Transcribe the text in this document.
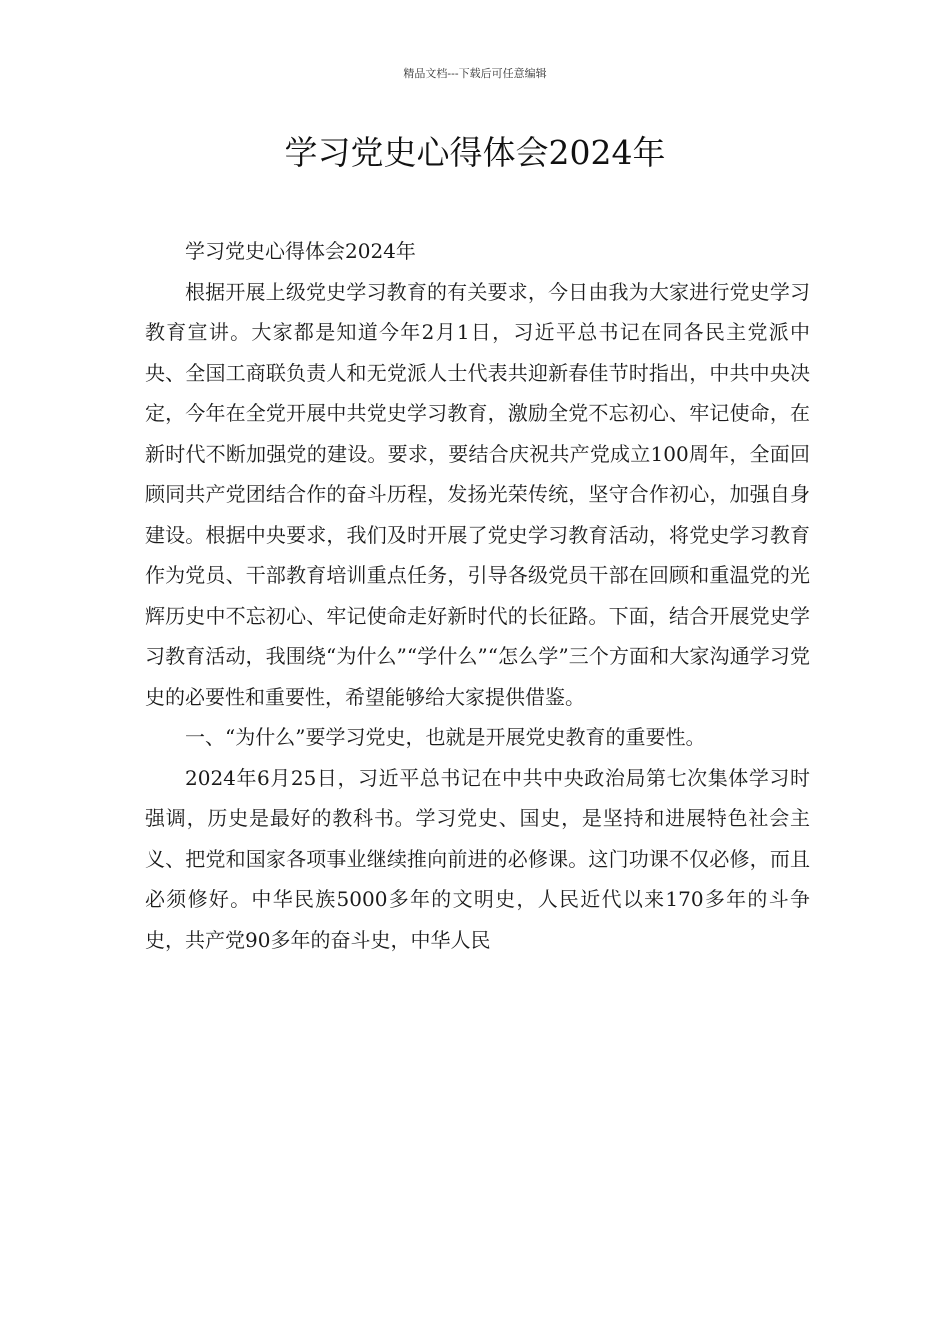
精品文档---下载后可任意编辑
学习党史心得体会2024年

学习党史心得体会2024年

根据开展上级党史学习教育的有关要求，今日由我为大家进行党史学习教育宣讲。大家都是知道今年2月1日，习近平总书记在同各民主党派中央、全国工商联负责人和无党派人士代表共迎新春佳节时指出，中共中央决定，今年在全党开展中共党史学习教育，激励全党不忘初心、牢记使命，在新时代不断加强党的建设。要求，要结合庆祝共产党成立100周年，全面回顾同共产党团结合作的奋斗历程，发扬光荣传统，坚守合作初心，加强自身建设。根据中央要求，我们及时开展了党史学习教育活动，将党史学习教育作为党员、干部教育培训重点任务，引导各级党员干部在回顾和重温党的光辉历史中不忘初心、牢记使命走好新时代的长征路。下面，结合开展党史学习教育活动，我围绕“为什么”“学什么”“怎么学”三个方面和大家沟通学习党史的必要性和重要性，希望能够给大家提供借鉴。

一、“为什么”要学习党史，也就是开展党史教育的重要性。

2024年6月25日，习近平总书记在中共中央政治局第七次集体学习时强调，历史是最好的教科书。学习党史、国史，是坚持和进展特色社会主义、把党和国家各项事业继续推向前进的必修课。这门功课不仅必修，而且必须修好。中华民族5000多年的文明史，人民近代以来170多年的斗争史，共产党90多年的奋斗史，中华人民
